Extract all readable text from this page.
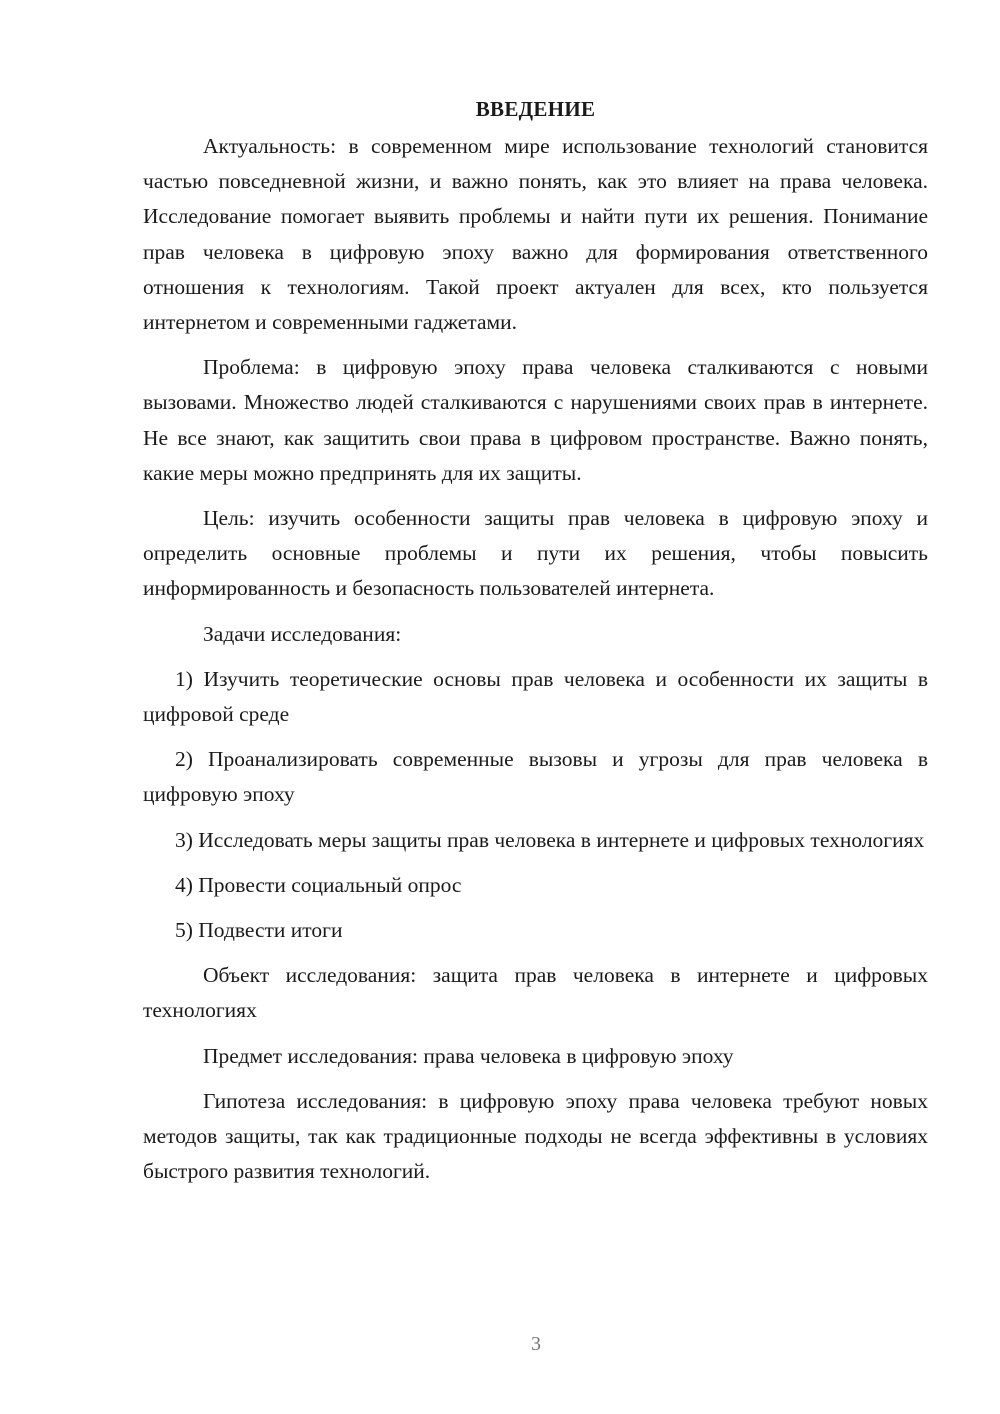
ВВЕДЕНИЕ

Актуальность: в современном мире использование технологий становится частью повседневной жизни, и важно понять, как это влияет на права человека. Исследование помогает выявить проблемы и найти пути их решения. Понимание прав человека в цифровую эпоху важно для формирования ответственного отношения к технологиям. Такой проект актуален для всех, кто пользуется интернетом и современными гаджетами.

Проблема: в цифровую эпоху права человека сталкиваются с новыми вызовами. Множество людей сталкиваются с нарушениями своих прав в интернете. Не все знают, как защитить свои права в цифровом пространстве. Важно понять, какие меры можно предпринять для их защиты.

Цель: изучить особенности защиты прав человека в цифровую эпоху и определить основные проблемы и пути их решения, чтобы повысить информированность и безопасность пользователей интернета.

Задачи исследования:

1) Изучить теоретические основы прав человека и особенности их защиты в цифровой среде

2) Проанализировать современные вызовы и угрозы для прав человека в цифровую эпоху

3) Исследовать меры защиты прав человека в интернете и цифровых технологиях

4) Провести социальный опрос

5) Подвести итоги

Объект исследования: защита прав человека в интернете и цифровых технологиях

Предмет исследования: права человека в цифровую эпоху

Гипотеза исследования: в цифровую эпоху права человека требуют новых методов защиты, так как традиционные подходы не всегда эффективны в условиях быстрого развития технологий.

3
